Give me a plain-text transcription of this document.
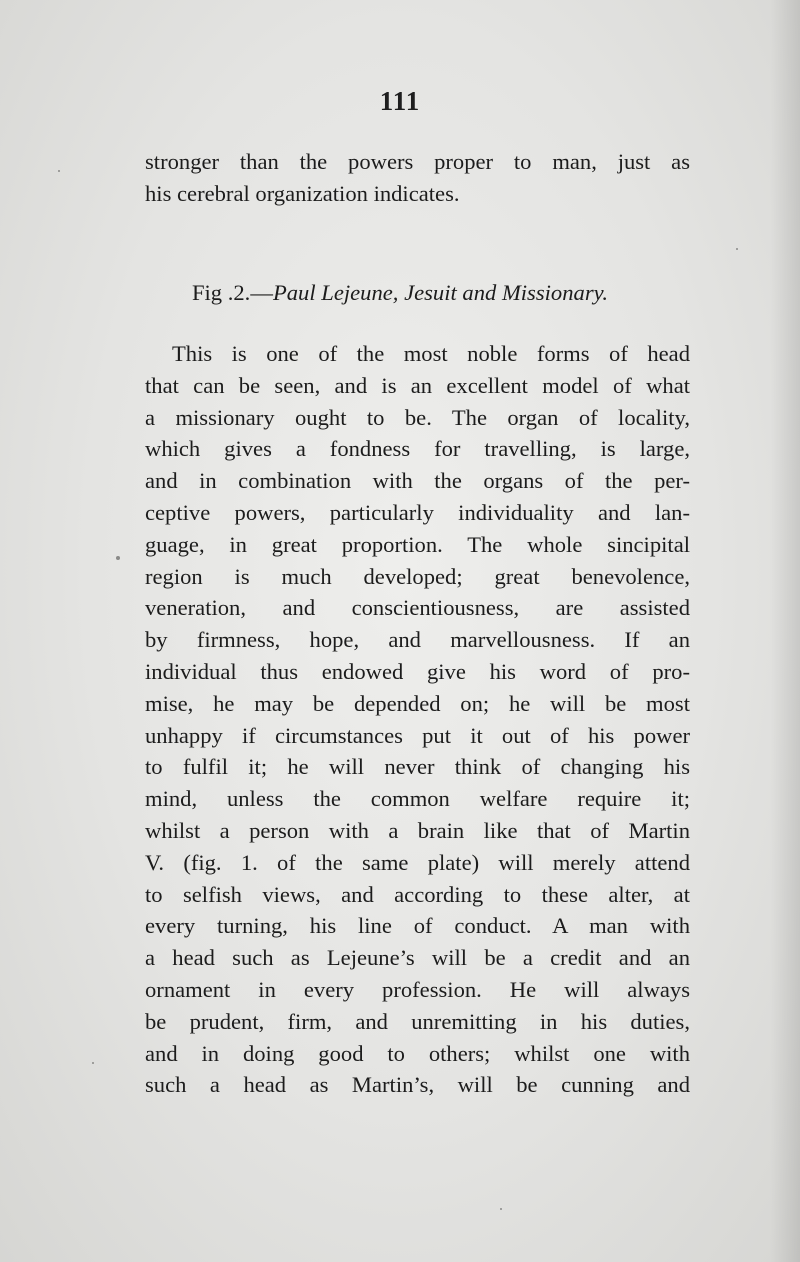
111

stronger than the powers proper to man, just as
his cerebral organization indicates.

Fig .2.—Paul Lejeune, Jesuit and Missionary.

This is one of the most noble forms of head
that can be seen, and is an excellent model of what
a missionary ought to be. The organ of locality,
which gives a fondness for travelling, is large,
and in combination with the organs of the per-
ceptive powers, particularly individuality and lan-
guage, in great proportion. The whole sincipital
region is much developed; great benevolence,
veneration, and conscientiousness, are assisted
by firmness, hope, and marvellousness. If an
individual thus endowed give his word of pro-
mise, he may be depended on; he will be most
unhappy if circumstances put it out of his power
to fulfil it; he will never think of changing his
mind, unless the common welfare require it;
whilst a person with a brain like that of Martin
V. (fig. 1. of the same plate) will merely attend
to selfish views, and according to these alter, at
every turning, his line of conduct. A man with
a head such as Lejeune’s will be a credit and an
ornament in every profession. He will always
be prudent, firm, and unremitting in his duties,
and in doing good to others; whilst one with
such a head as Martin’s, will be cunning and
